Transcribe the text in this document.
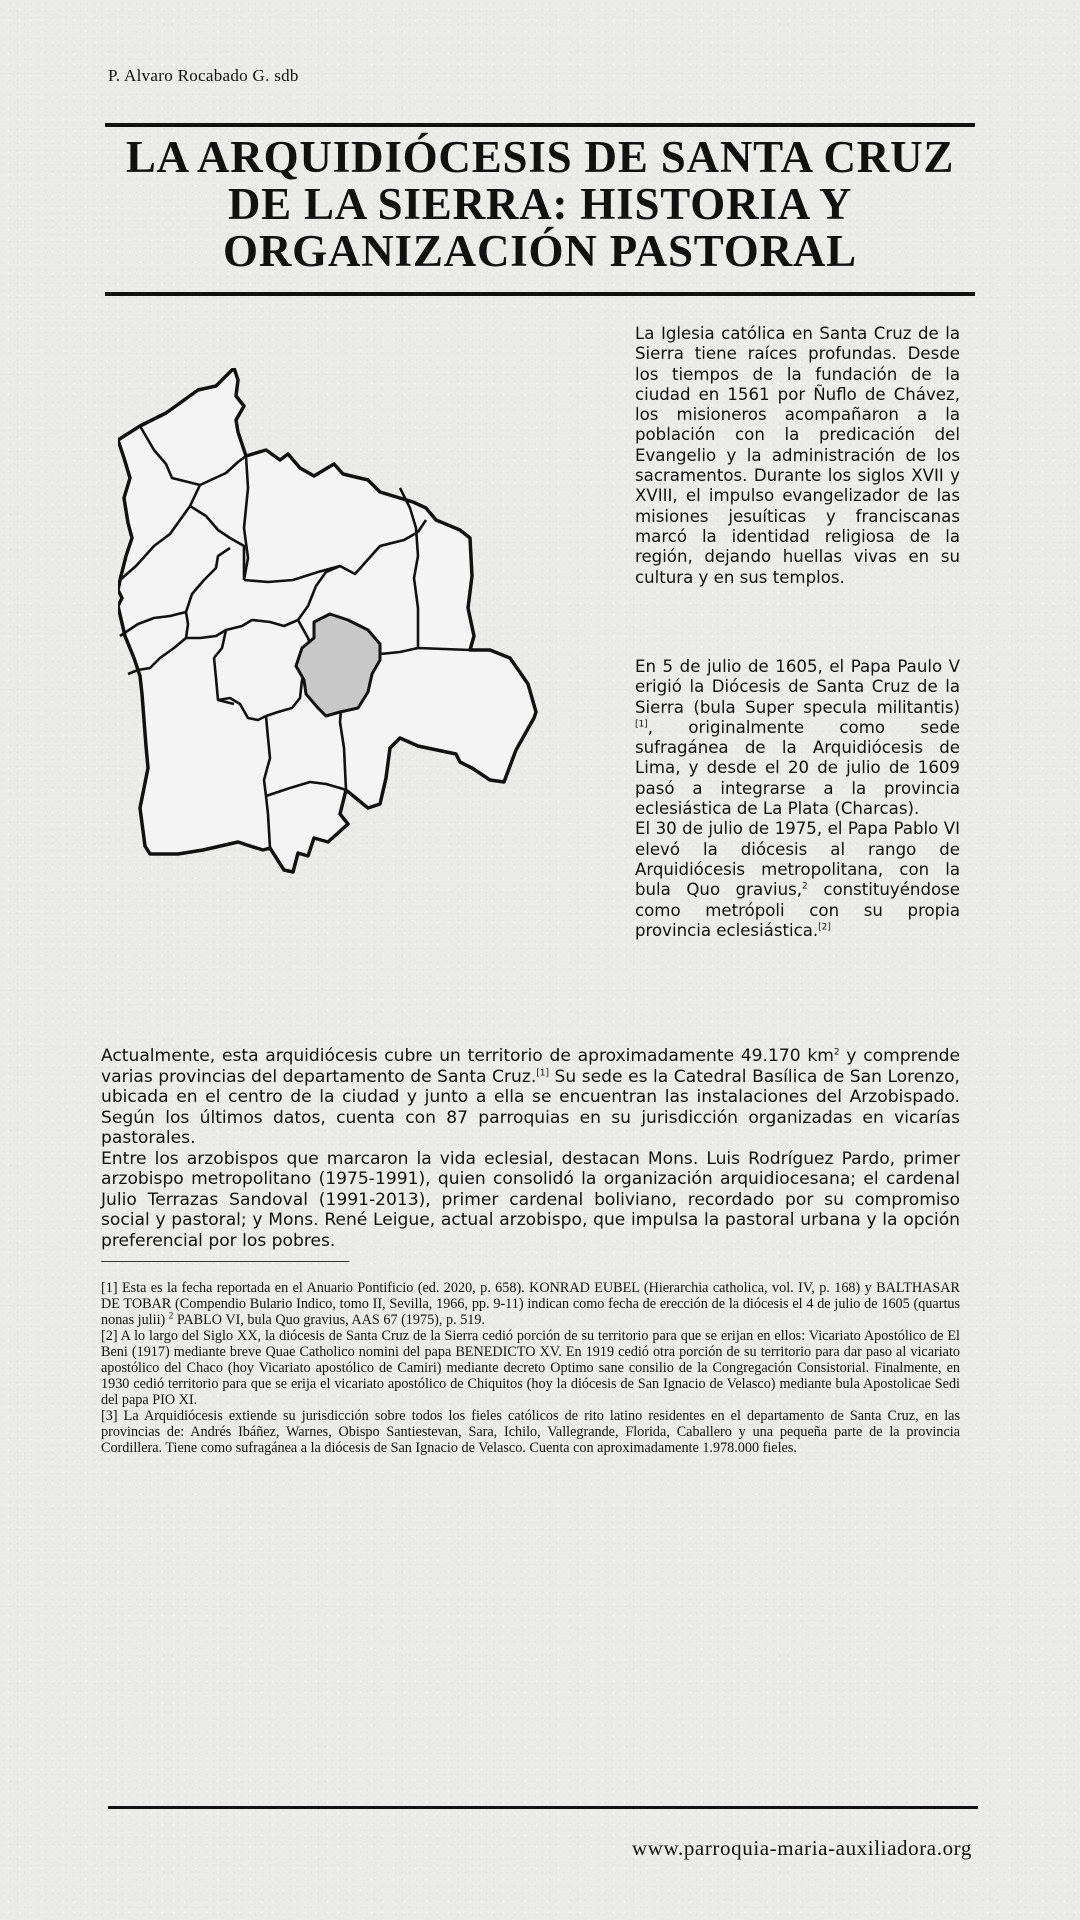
P. Alvaro Rocabado G. sdb
LA ARQUIDIÓCESIS DE SANTA CRUZ DE LA SIERRA: HISTORIA Y ORGANIZACIÓN PASTORAL

La Iglesia católica en Santa Cruz de la Sierra tiene raíces profundas. Desde los tiempos de la fundación de la ciudad en 1561 por Ñuflo de Chávez, los misioneros acompañaron a la población con la predicación del Evangelio y la administración de los sacramentos. Durante los siglos XVII y XVIII, el impulso evangelizador de las misiones jesuíticas y franciscanas marcó la identidad religiosa de la región, dejando huellas vivas en su cultura y en sus templos.

En 5 de julio de 1605, el Papa Paulo V erigió la Diócesis de Santa Cruz de la Sierra (bula Super specula militantis) [1], originalmente como sede sufragánea de la Arquidiócesis de Lima, y desde el 20 de julio de 1609 pasó a integrarse a la provincia eclesiástica de La Plata (Charcas).

El 30 de julio de 1975, el Papa Pablo VI elevó la diócesis al rango de Arquidiócesis metropolitana, con la bula Quo gravius,$^2$ constituyéndose como metrópoli con su propia provincia eclesiástica.[2]

Actualmente, esta arquidiócesis cubre un territorio de aproximadamente 49.170 $km^2$ y comprende varias provincias del departamento de Santa Cruz.[1] Su sede es la Catedral Basílica de San Lorenzo, ubicada en el centro de la ciudad y junto a ella se encuentran las instalaciones del Arzobispado. Según los últimos datos, cuenta con 87 parroquias en su jurisdicción organizadas en vicarías pastorales.

Entre los arzobispos que marcaron la vida eclesial, destacan Mons. Luis Rodríguez Pardo, primer arzobispo metropolitano (1975-1991), quien consolidó la organización arquidiocesana; el cardenal Julio Terrazas Sandoval (1991-2013), primer cardenal boliviano, recordado por su compromiso social y pastoral; y Mons. René Leigue, actual arzobispo, que impulsa la pastoral urbana y la opción preferencial por los pobres.

[1] Esta es la fecha reportada en el Anuario Pontificio (ed. 2020, p. 658). KONRAD EUBEL (Hierarchia catholica, vol. IV, p. 168) y BALTHASAR DE TOBAR (Compendio Bulario Indico, tomo II, Sevilla, 1966, pp. 9-11) indican como fecha de erección de la diócesis el 4 de julio de 1605 (quartus nonas julii) $^2$ PABLO VI, bula Quo gravius, AAS 67 (1975), p. 519.

[2] A lo largo del Siglo XX, la diócesis de Santa Cruz de la Sierra cedió porción de su territorio para que se erijan en ellos: Vicariato Apostólico de El Beni (1917) mediante breve Quae Catholico nomini del papa BENEDICTO XV. En 1919 cedió otra porción de su territorio para dar paso al vicariato apostólico del Chaco (hoy Vicariato apostólico de Camiri) mediante decreto Optimo sane consilio de la Congregación Consistorial. Finalmente, en 1930 cedió territorio para que se erija el vicariato apostólico de Chiquitos (hoy la diócesis de San Ignacio de Velasco) mediante bula Apostolicae Sedi del papa PIO XI.

[3] La Arquidiócesis extiende su jurisdicción sobre todos los fieles católicos de rito latino residentes en el departamento de Santa Cruz, en las provincias de: Andrés Ibáñez, Warnes, Obispo Santiestevan, Sara, Ichilo, Vallegrande, Florida, Caballero y una pequeña parte de la provincia Cordillera. Tiene como sufragánea a la diócesis de San Ignacio de Velasco. Cuenta con aproximadamente 1.978.000 fieles.

www.parroquia-maria-auxiliadora.org
